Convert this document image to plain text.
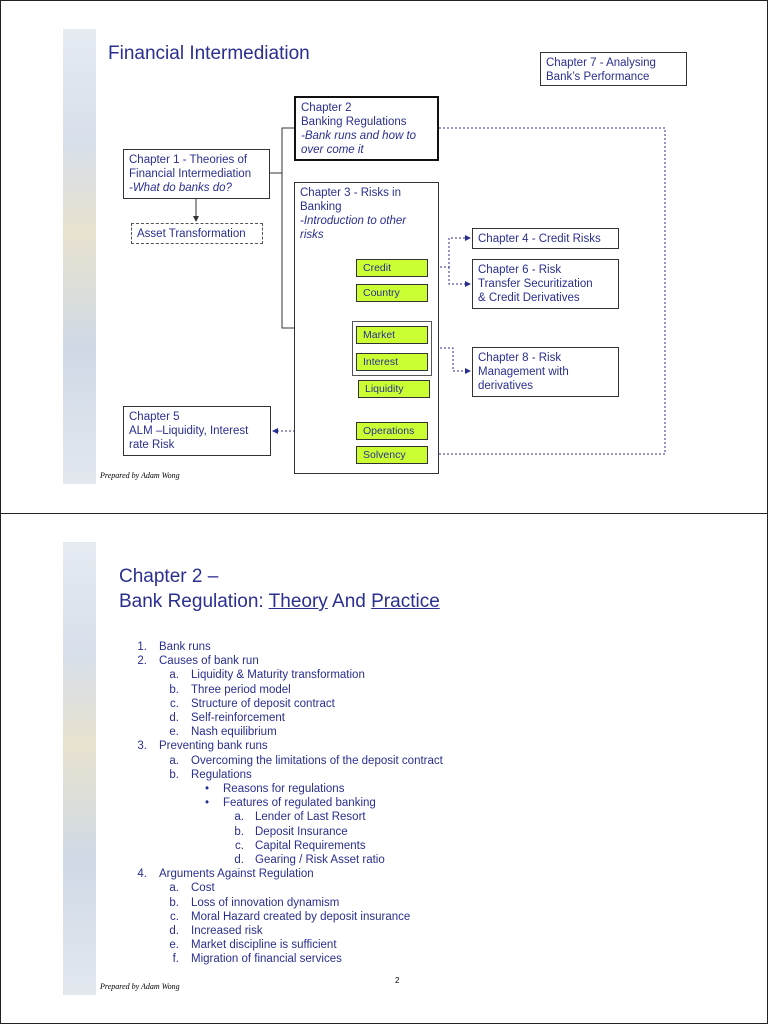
Financial Intermediation	Chapter 7 - Analysing
Bank’s Performance
Chapter 2
Banking Regulations
-Bank runs and how to
over come it
Chapter 1 - Theories of
Financial Intermediation
-What do banks do?
Asset Transformation
Chapter 3 - Risks in
Banking
-Introduction to other
risks
Credit
Country
Market
Interest
Liquidity
Operations
Solvency
Chapter 4 - Credit Risks
Chapter 6 - Risk
Transfer Securitization
& Credit Derivatives
Chapter 8 - Risk
Management with
derivatives
Chapter 5
ALM –Liquidity, Interest
rate Risk
Prepared by Adam Wong
Chapter 2 –
Bank Regulation: Theory And Practice
1. Bank runs
2. Causes of bank run
a. Liquidity & Maturity transformation
b. Three period model
c. Structure of deposit contract
d. Self-reinforcement
e. Nash equilibrium
3. Preventing bank runs
a. Overcoming the limitations of the deposit contract
b. Regulations
• Reasons for regulations
• Features of regulated banking
a. Lender of Last Resort
b. Deposit Insurance
c. Capital Requirements
d. Gearing / Risk Asset ratio
4. Arguments Against Regulation
a. Cost
b. Loss of innovation dynamism
c. Moral Hazard created by deposit insurance
d. Increased risk
e. Market discipline is sufficient
f. Migration of financial services
2
Prepared by Adam Wong
